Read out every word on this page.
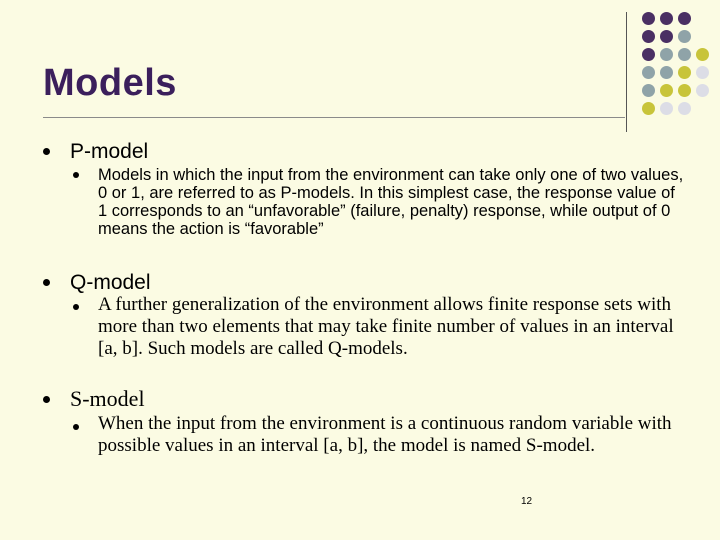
Models
P-model
Models in which the input from the environment can take only one of two values, 0 or 1, are referred to as P-models. In this simplest case, the response value of 1 corresponds to an “unfavorable” (failure, penalty) response, while output of 0 means the action is “favorable”
Q-model
A further generalization of the environment allows finite response sets with more than two elements that may take finite number of values in an interval [a, b]. Such models are called Q-models.
S-model
When the input from the environment is a continuous random variable with possible values in an interval [a, b], the model is named S-model.
12
